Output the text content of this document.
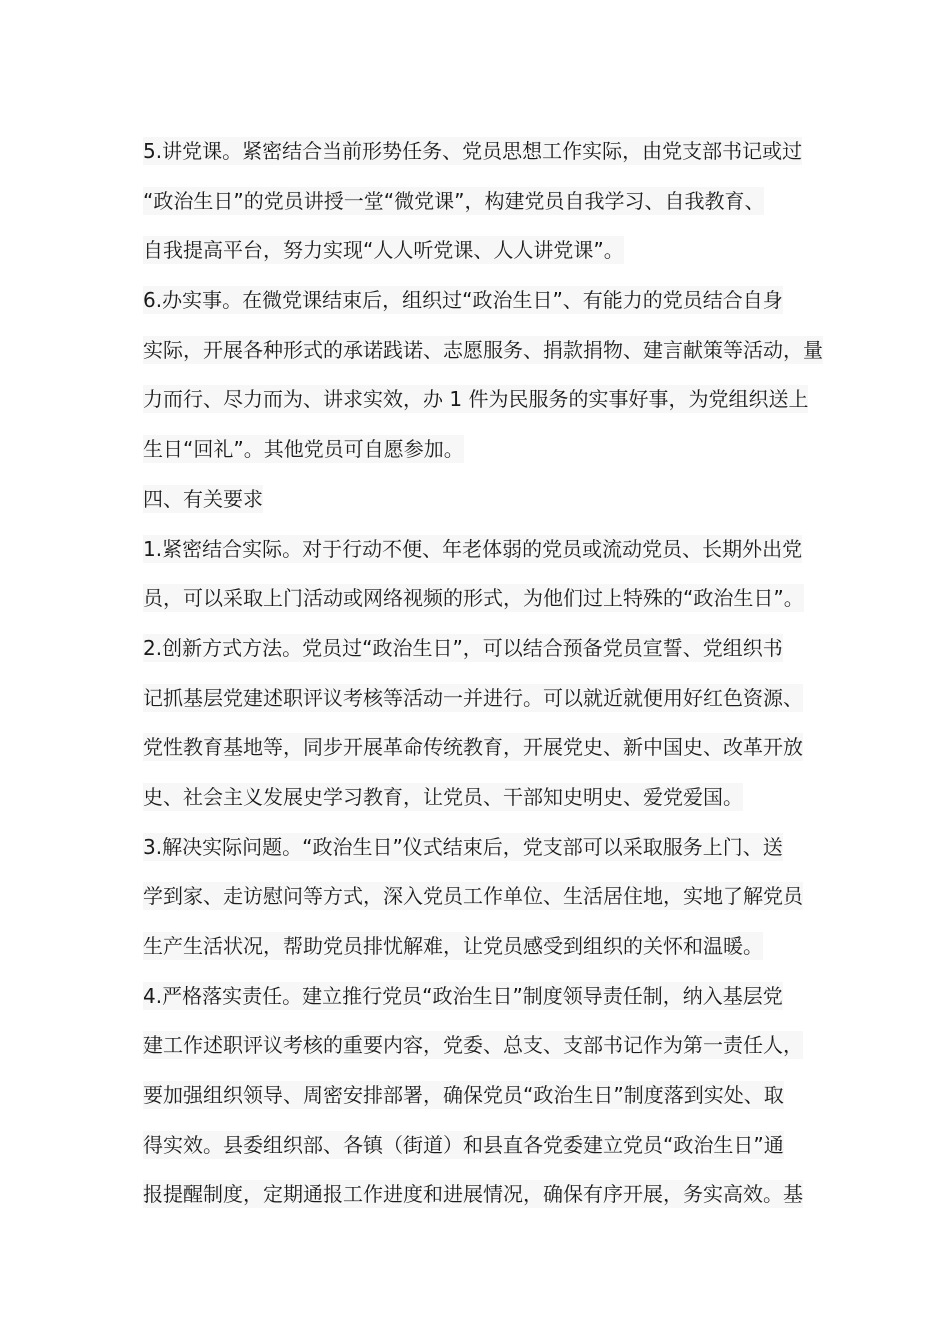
5.讲党课。紧密结合当前形势任务、党员思想工作实际，由党支部书记或过
“政治生日”的党员讲授一堂“微党课”，构建党员自我学习、自我教育、
自我提高平台，努力实现“人人听党课、人人讲党课”。
6.办实事。在微党课结束后，组织过“政治生日”、有能力的党员结合自身
实际，开展各种形式的承诺践诺、志愿服务、捐款捐物、建言献策等活动，量
力而行、尽力而为、讲求实效，办 1 件为民服务的实事好事，为党组织送上
生日“回礼”。其他党员可自愿参加。
四、有关要求
1.紧密结合实际。对于行动不便、年老体弱的党员或流动党员、长期外出党
员，可以采取上门活动或网络视频的形式，为他们过上特殊的“政治生日”。
2.创新方式方法。党员过“政治生日”，可以结合预备党员宣誓、党组织书
记抓基层党建述职评议考核等活动一并进行。可以就近就便用好红色资源、
党性教育基地等，同步开展革命传统教育，开展党史、新中国史、改革开放
史、社会主义发展史学习教育，让党员、干部知史明史、爱党爱国。
3.解决实际问题。“政治生日”仪式结束后，党支部可以采取服务上门、送
学到家、走访慰问等方式，深入党员工作单位、生活居住地，实地了解党员
生产生活状况，帮助党员排忧解难，让党员感受到组织的关怀和温暖。
4.严格落实责任。建立推行党员“政治生日”制度领导责任制，纳入基层党
建工作述职评议考核的重要内容，党委、总支、支部书记作为第一责任人，
要加强组织领导、周密安排部署，确保党员“政治生日”制度落到实处、取
得实效。县委组织部、各镇（街道）和县直各党委建立党员“政治生日”通
报提醒制度，定期通报工作进度和进展情况，确保有序开展，务实高效。基
